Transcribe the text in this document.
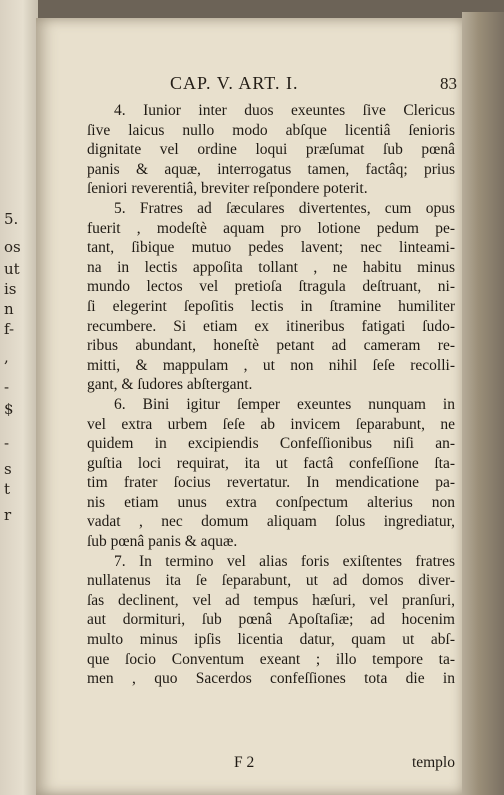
5.
os
ut
is
n
f-
,
-
$
-
s
t
r
CAP. V. ART. I.	83
4. Iunior inter duos exeuntes ſive Clericus
ſive laicus nullo modo abſque licentiâ ſenioris
dignitate vel ordine loqui præſumat ſub pœnâ
panis & aquæ, interrogatus tamen, factâq; prius
ſeniori reverentiâ, breviter reſpondere poterit.
5. Fratres ad ſæculares divertentes, cum opus
fuerit , modeſtè aquam pro lotione pedum pe-
tant, ſibique mutuo pedes lavent; nec linteami-
na in lectis appoſita tollant , ne habitu minus
mundo lectos vel pretioſa ſtragula deſtruant, ni-
ſi elegerint ſepoſitis lectis in ſtramine humiliter
recumbere. Si etiam ex itineribus fatigati ſudo-
ribus abundant, honeſtè petant ad cameram re-
mitti, & mappulam , ut non nihil ſeſe recolli-
gant, & ſudores abſtergant.
6. Bini igitur ſemper exeuntes nunquam in
vel extra urbem ſeſe ab invicem ſeparabunt, ne
quidem in excipiendis Confeſſionibus niſi an-
guſtia loci requirat, ita ut factâ confeſſione ſta-
tim frater ſocius revertatur. In mendicatione pa-
nis etiam unus extra conſpectum alterius non
vadat , nec domum aliquam ſolus ingrediatur,
ſub pœnâ panis & aquæ.
7. In termino vel alias foris exiſtentes fratres
nullatenus ita ſe ſeparabunt, ut ad domos diver-
ſas declinent, vel ad tempus hæſuri, vel pranſuri,
aut dormituri, ſub pœnâ Apoſtaſiæ; ad hocenim
multo minus ipſis licentia datur, quam ut abſ-
que ſocio Conventum exeant ; illo tempore ta-
men , quo Sacerdos confeſſiones tota die in
F 2	templo
